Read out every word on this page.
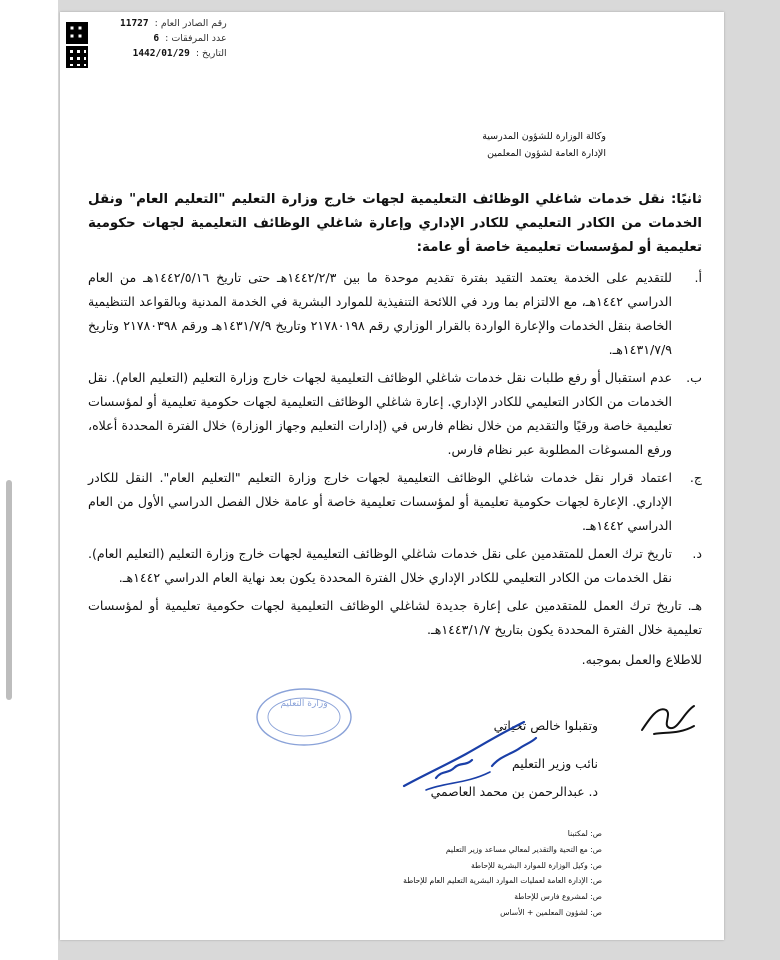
رقم الصادر العام :
11727
عدد المرفقات :
6
التاريخ :
1442/01/29
وكالة الوزارة للشؤون المدرسية
الإدارة العامة لشؤون المعلمين

ثانيًا: نقل خدمات شاغلي الوظائف التعليمية لجهات خارج وزارة التعليم "التعليم العام" ونقل الخدمات من الكادر التعليمي للكادر الإداري وإعارة شاغلي الوظائف التعليمية لجهات حكومية تعليمية أو لمؤسسات تعليمية خاصة أو عامة:

أ.
للتقديم على الخدمة يعتمد التقيد بفترة تقديم موحدة ما بين ١٤٤٢/٢/٣هـ حتى تاريخ ١٤٤٢/٥/١٦هـ من العام الدراسي ١٤٤٢هـ، مع الالتزام بما ورد في اللائحة التنفيذية للموارد البشرية في الخدمة المدنية وبالقواعد التنظيمية الخاصة بنقل الخدمات والإعارة الواردة بالقرار الوزاري رقم ٢١٧٨٠١٩٨ وتاريخ ١٤٣١/٧/٩هـ ورقم ٢١٧٨٠٣٩٨ وتاريخ ١٤٣١/٧/٩هـ.
ب.
عدم استقبال أو رفع طلبات نقل خدمات شاغلي الوظائف التعليمية لجهات خارج وزارة التعليم (التعليم العام). نقل الخدمات من الكادر التعليمي للكادر الإداري. إعارة شاغلي الوظائف التعليمية لجهات حكومية تعليمية أو لمؤسسات تعليمية خاصة ورقيًا والتقديم من خلال نظام فارس في (إدارات التعليم وجهاز الوزارة) خلال الفترة المحددة أعلاه، ورفع المسوغات المطلوبة عبر نظام فارس.
ج.
اعتماد قرار نقل خدمات شاغلي الوظائف التعليمية لجهات خارج وزارة التعليم "التعليم العام". النقل للكادر الإداري. الإعارة لجهات حكومية تعليمية أو لمؤسسات تعليمية خاصة أو عامة خلال الفصل الدراسي الأول من العام الدراسي ١٤٤٢هـ.
د.
تاريخ ترك العمل للمتقدمين على نقل خدمات شاغلي الوظائف التعليمية لجهات خارج وزارة التعليم (التعليم العام). نقل الخدمات من الكادر التعليمي للكادر الإداري خلال الفترة المحددة يكون بعد نهاية العام الدراسي ١٤٤٢هـ.

هـ. تاريخ ترك العمل للمتقدمين على إعارة جديدة لشاغلي الوظائف التعليمية لجهات حكومية تعليمية أو لمؤسسات تعليمية خلال الفترة المحددة يكون بتاريخ ١٤٤٣/١/٧هـ.

للاطلاع والعمل بموجبه.

وزارة التعليم
وتقبلوا خالص تحياتي
نائب وزير التعليم
د. عبدالرحمن بن محمد العاصمي
ص: لمكتبنا
ص: مع التحية والتقدير لمعالي مساعد وزير التعليم
ص: وكيل الوزارة للموارد البشرية للإحاطة
ص: الإدارة العامة لعمليات الموارد البشرية التعليم العام للإحاطة
ص: لمشروع فارس للإحاطة
ص: لشؤون المعلمين + الأساس
